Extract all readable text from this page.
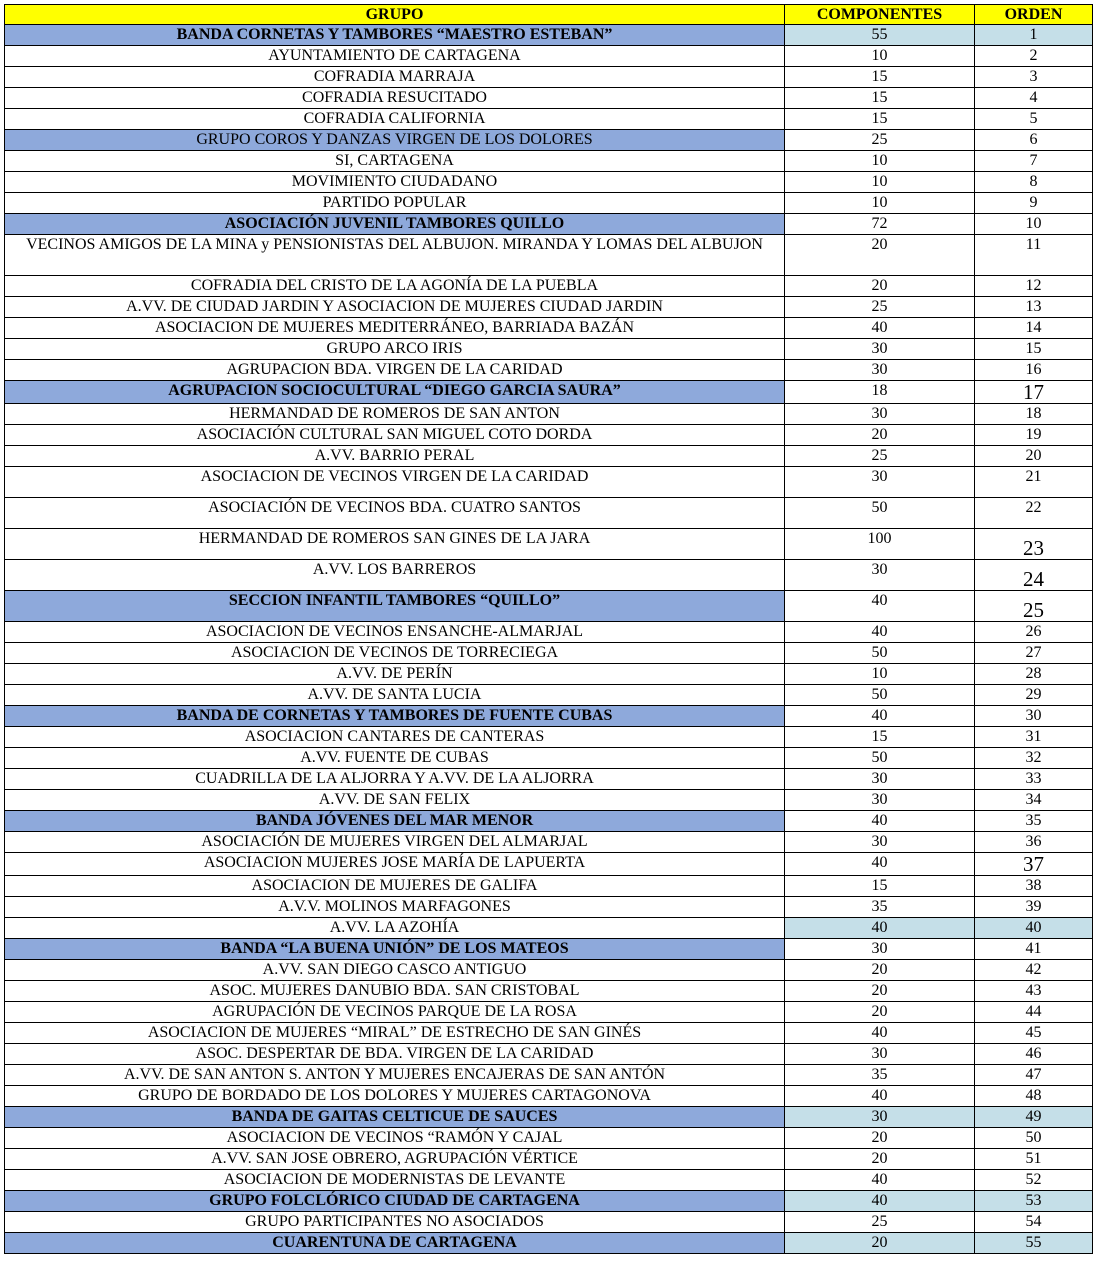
GRUPO	COMPONENTES	ORDEN
BANDA CORNETAS Y TAMBORES “MAESTRO ESTEBAN”	55	1
AYUNTAMIENTO DE CARTAGENA	10	2
COFRADIA MARRAJA	15	3
COFRADIA RESUCITADO	15	4
COFRADIA CALIFORNIA	15	5
GRUPO COROS Y DANZAS VIRGEN DE LOS DOLORES	25	6
SI, CARTAGENA	10	7
MOVIMIENTO CIUDADANO	10	8
PARTIDO POPULAR	10	9
ASOCIACIÓN JUVENIL TAMBORES QUILLO	72	10
VECINOS AMIGOS DE LA MINA y PENSIONISTAS DEL ALBUJON. MIRANDA Y LOMAS DEL ALBUJON	20	11
COFRADIA DEL CRISTO DE LA AGONÍA DE LA PUEBLA	20	12
A.VV. DE CIUDAD JARDIN Y ASOCIACION DE MUJERES CIUDAD JARDIN	25	13
ASOCIACION DE MUJERES MEDITERRÁNEO, BARRIADA BAZÁN	40	14
GRUPO ARCO IRIS	30	15
AGRUPACION BDA. VIRGEN DE LA CARIDAD	30	16
AGRUPACION SOCIOCULTURAL “DIEGO GARCIA SAURA”	18	17
HERMANDAD DE ROMEROS DE SAN ANTON	30	18
ASOCIACIÓN CULTURAL SAN MIGUEL COTO DORDA	20	19
A.VV. BARRIO PERAL	25	20
ASOCIACION DE VECINOS VIRGEN DE LA CARIDAD	30	21
ASOCIACIÓN DE VECINOS BDA. CUATRO SANTOS	50	22
HERMANDAD DE ROMEROS SAN GINES DE LA JARA	100	23
A.VV. LOS BARREROS	30	24
SECCION INFANTIL TAMBORES “QUILLO”	40	25
ASOCIACION DE VECINOS ENSANCHE-ALMARJAL	40	26
ASOCIACION DE VECINOS DE TORRECIEGA	50	27
A.VV. DE PERÍN	10	28
A.VV. DE SANTA LUCIA	50	29
BANDA DE CORNETAS Y TAMBORES DE FUENTE CUBAS	40	30
ASOCIACION CANTARES DE CANTERAS	15	31
A.VV. FUENTE DE CUBAS	50	32
CUADRILLA DE LA ALJORRA Y A.VV. DE LA ALJORRA	30	33
A.VV. DE SAN FELIX	30	34
BANDA JÓVENES DEL MAR MENOR	40	35
ASOCIACIÓN DE MUJERES VIRGEN DEL ALMARJAL	30	36
ASOCIACION MUJERES JOSE MARÍA DE LAPUERTA	40	37
ASOCIACION DE MUJERES DE GALIFA	15	38
A.V.V. MOLINOS MARFAGONES	35	39
A.VV. LA AZOHÍA	40	40
BANDA “LA BUENA UNIÓN” DE LOS MATEOS	30	41
A.VV. SAN DIEGO CASCO ANTIGUO	20	42
ASOC. MUJERES DANUBIO BDA. SAN CRISTOBAL	20	43
AGRUPACIÓN DE VECINOS PARQUE DE LA ROSA	20	44
ASOCIACION DE MUJERES “MIRAL” DE ESTRECHO DE SAN GINÉS	40	45
ASOC. DESPERTAR DE BDA. VIRGEN DE LA CARIDAD	30	46
A.VV. DE SAN ANTON S. ANTON Y MUJERES ENCAJERAS DE SAN ANTÓN	35	47
GRUPO DE BORDADO DE LOS DOLORES Y MUJERES CARTAGONOVA	40	48
BANDA DE GAITAS CELTICUE DE SAUCES	30	49
ASOCIACION DE VECINOS “RAMÓN Y CAJAL	20	50
A.VV. SAN JOSE OBRERO, AGRUPACIÓN VÉRTICE	20	51
ASOCIACION DE MODERNISTAS DE LEVANTE	40	52
GRUPO FOLCLÓRICO CIUDAD DE CARTAGENA	40	53
GRUPO PARTICIPANTES NO ASOCIADOS	25	54
CUARENTUNA DE CARTAGENA	20	55
